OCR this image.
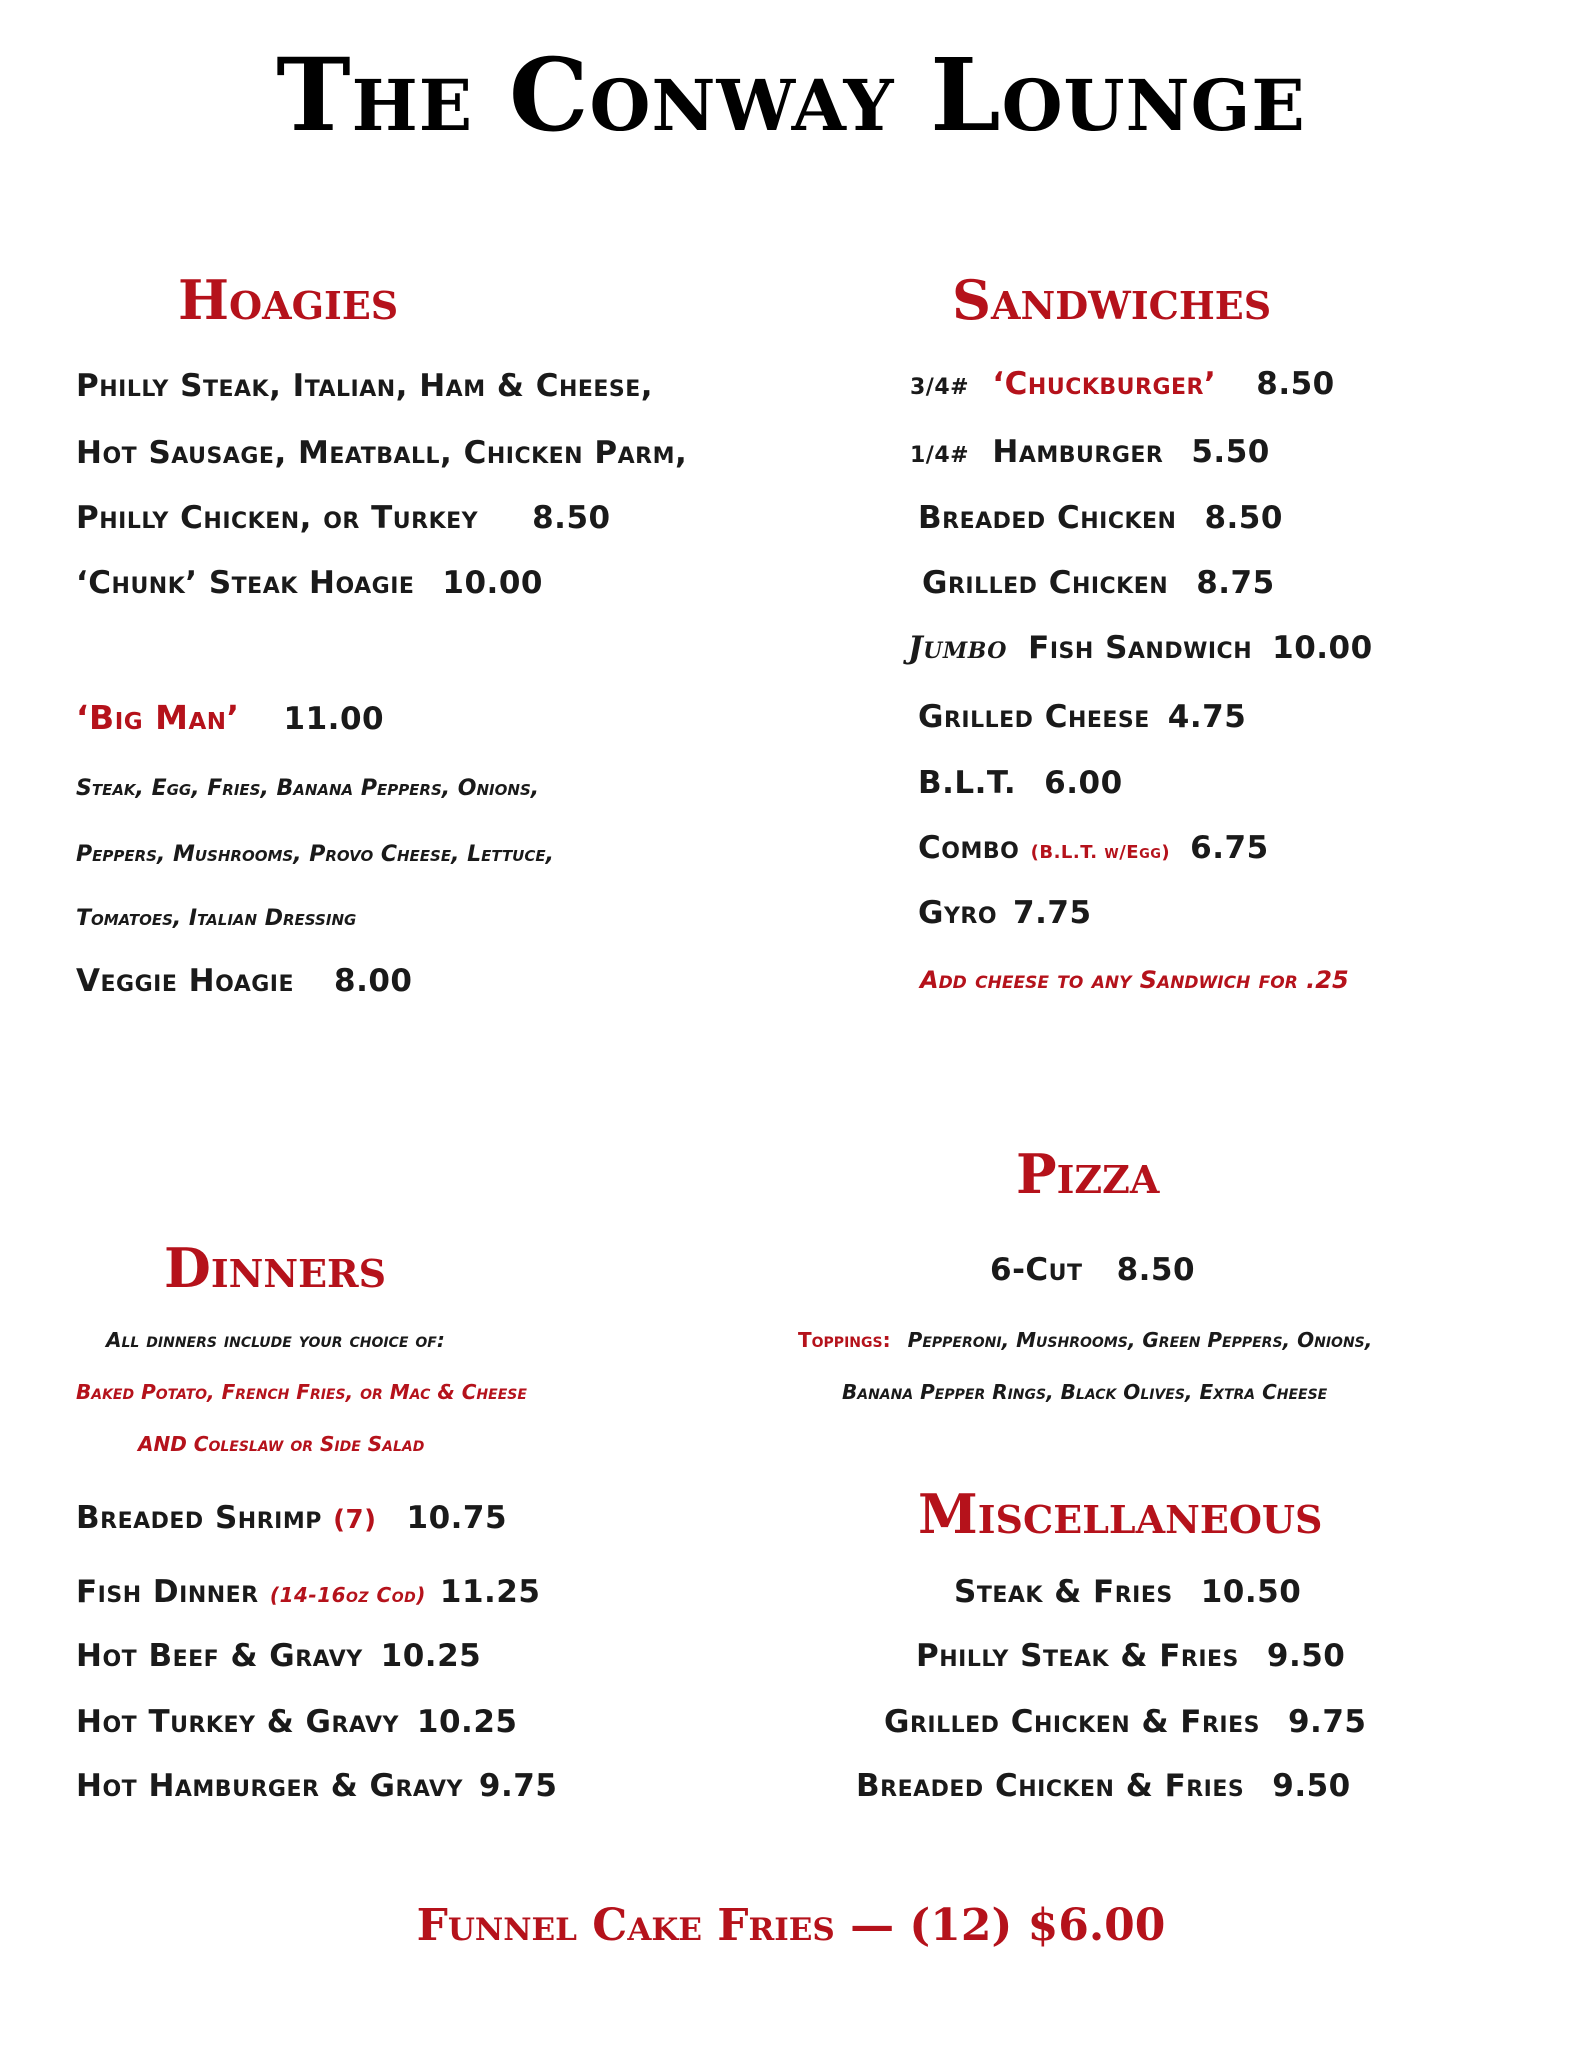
The Conway Lounge
Hoagies
Philly Steak, Italian, Ham & Cheese,
Hot Sausage, Meatball, Chicken Parm,
Philly Chicken, or Turkey 8.50
‘Chunk’ Steak Hoagie 10.00
‘Big Man’ 11.00
Steak, Egg, Fries, Banana Peppers, Onions,
Peppers, Mushrooms, Provo Cheese, Lettuce,
Tomatoes, Italian Dressing
Veggie Hoagie 8.00
Sandwiches
3/4# ‘Chuckburger’ 8.50
1/4# Hamburger 5.50
Breaded Chicken 8.50
Grilled Chicken 8.75
Jumbo Fish Sandwich 10.00
Grilled Cheese 4.75
B.L.T. 6.00
Combo (B.L.T. w/Egg) 6.75
Gyro 7.75
Add cheese to any Sandwich for .25
Pizza
6-Cut 8.50
Toppings: Pepperoni, Mushrooms, Green Peppers, Onions,
Banana Pepper Rings, Black Olives, Extra Cheese
Dinners
All dinners include your choice of:
Baked Potato, French Fries, or Mac & Cheese
AND Coleslaw or Side Salad
Breaded Shrimp (7) 10.75
Fish Dinner (14-16oz Cod) 11.25
Hot Beef & Gravy 10.25
Hot Turkey & Gravy 10.25
Hot Hamburger & Gravy 9.75
Miscellaneous
Steak & Fries 10.50
Philly Steak & Fries 9.50
Grilled Chicken & Fries 9.75
Breaded Chicken & Fries 9.50
Funnel Cake Fries — (12) $6.00
